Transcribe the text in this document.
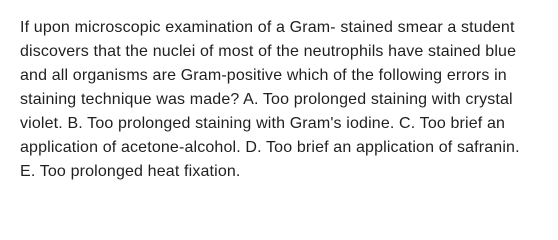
If upon microscopic examination of a Gram- stained smear a student discovers that the nuclei of most of the neutrophils have stained blue and all organisms are Gram-positive which of the following errors in staining technique was made? A. Too prolonged staining with crystal violet. B. Too prolonged staining with Gram's iodine. C. Too brief an application of acetone-alcohol. D. Too brief an application of safranin. E. Too prolonged heat fixation.
